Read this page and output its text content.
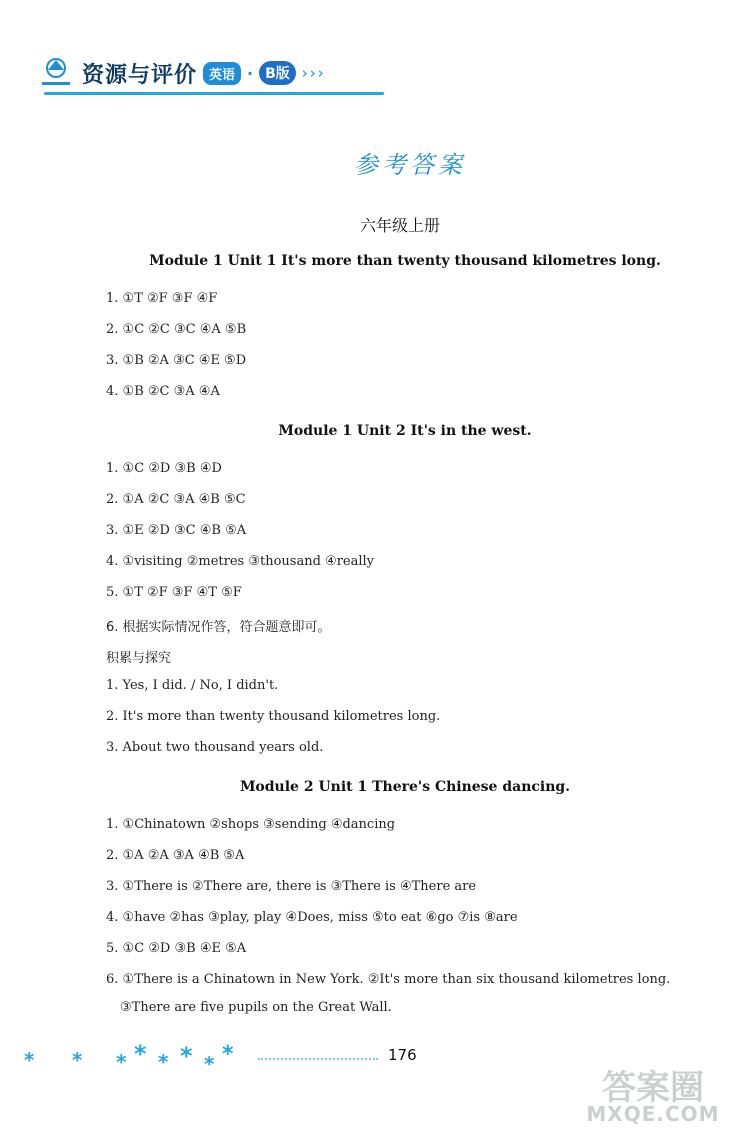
资源与评价 英语 · B版 ›››
参考答案
六年级上册
Module 1 Unit 1 It's more than twenty thousand kilometres long.
1. ①T ②F ③F ④F
2. ①C ②C ③C ④A ⑤B
3. ①B ②A ③C ④E ⑤D
4. ①B ②C ③A ④A
Module 1 Unit 2 It's in the west.
1. ①C ②D ③B ④D
2. ①A ②C ③A ④B ⑤C
3. ①E ②D ③C ④B ⑤A
4. ①visiting ②metres ③thousand ④really
5. ①T ②F ③F ④T ⑤F
6. 根据实际情况作答，符合题意即可。
积累与探究
1. Yes, I did. / No, I didn't.
2. It's more than twenty thousand kilometres long.
3. About two thousand years old.
Module 2 Unit 1 There's Chinese dancing.
1. ①Chinatown ②shops ③sending ④dancing
2. ①A ②A ③A ④B ⑤A
3. ①There is ②There are, there is ③There is ④There are
4. ①have ②has ③play, play ④Does, miss ⑤to eat ⑥go ⑦is ⑧are
5. ①C ②D ③B ④E ⑤A
6. ①There is a Chinatown in New York. ②It's more than six thousand kilometres long.
③There are five pupils on the Great Wall.
* * * * * * * *	176
答案圈
MXQE.COM
